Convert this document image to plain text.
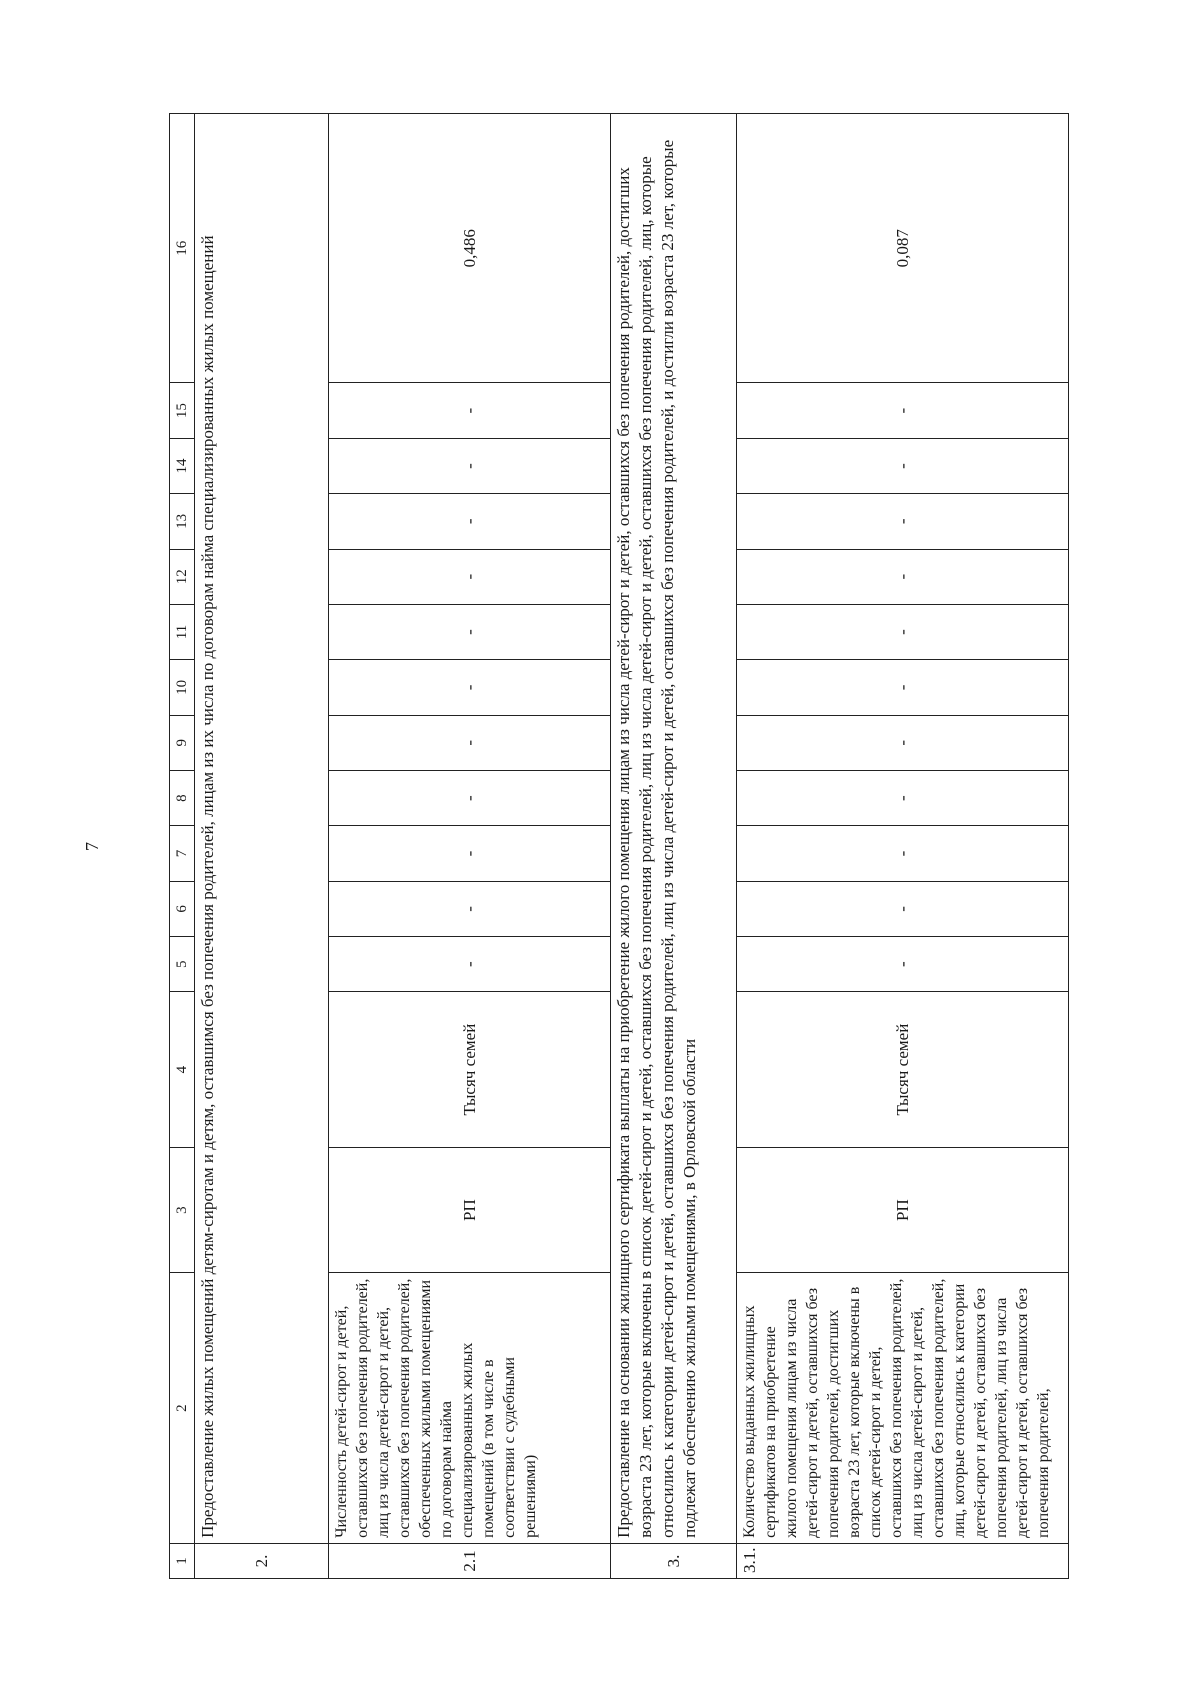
7
1	2	3	4	5	6	7	8	9	10	11	12	13	14	15	16
2.	Предоставление жилых помещений детям-сиротам и детям, оставшимся без попечения родителей, лицам из их числа по договорам найма специализированных жилых помещений														
2.1	Численность детей-сирот и детей, оставшихся без попечения родителей, лиц из числа детей-сирот и детей, оставшихся без попечения родителей, обеспеченных жилыми помещениями по договорам найма специализированных жилых помещений (в том числе в соответствии с судебными решениями)	РП	Тысяч семей	-	-	-	-	-	-	-	-	-	-	-	0,486
3.	Предоставление на основании жилищного сертификата выплаты на приобретение жилого помещения лицам из числа детей-сирот и детей, оставшихся без попечения родителей, достигших возраста 23 лет, которые включены в список детей-сирот и детей, оставшихся без попечения родителей, лиц из числа детей-сирот и детей, оставшихся без попечения родителей, лиц, которые относились к категории детей-сирот и детей, оставшихся без попечения родителей, лиц из числа детей-сирот и детей, оставшихся без попечения родителей, и достигли возраста 23 лет, которые подлежат обеспечению жилыми помещениями, в Орловской области														
3.1.	Количество выданных жилищных сертификатов на приобретение жилого помещения лицам из числа детей-сирот и детей, оставшихся без попечения родителей, достигших возраста 23 лет, которые включены в список детей-сирот и детей, оставшихся без попечения родителей, лиц из числа детей-сирот и детей, оставшихся без попечения родителей, лиц, которые относились к категории детей-сирот и детей, оставшихся без попечения родителей, лиц из числа детей-сирот и детей, оставшихся без попечения родителей,	РП	Тысяч семей	-	-	-	-	-	-	-	-	-	-	-	0,087
